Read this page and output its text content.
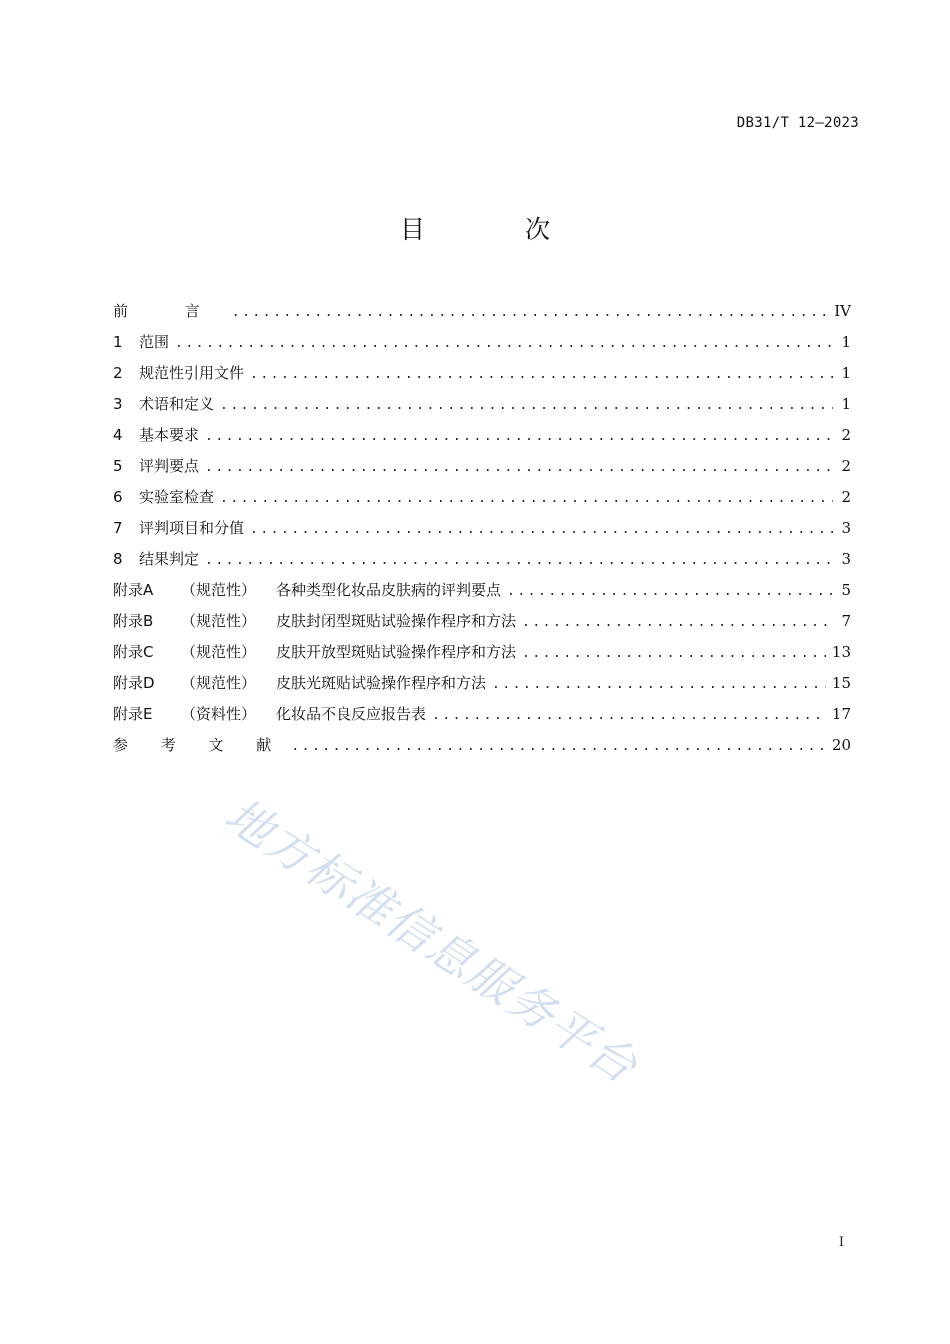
DB31/T 12—2023
目 次
前 言 .....	IV
1 范围 .....	1
2 规范性引用文件 .....	1
3 术语和定义 .....	1
4 基本要求 .....	2
5 评判要点 .....	2
6 实验室检查 .....	2
7 评判项目和分值 .....	3
8 结果判定 .....	3
附录A （规范性） 各种类型化妆品皮肤病的评判要点 .....	5
附录B （规范性） 皮肤封闭型斑贴试验操作程序和方法 .....	7
附录C （规范性） 皮肤开放型斑贴试验操作程序和方法 .....	13
附录D （规范性） 皮肤光斑贴试验操作程序和方法 .....	15
附录E （资料性） 化妆品不良反应报告表 .....	17
参 考 文 献 .....	20
地方标准信息服务平台
I
